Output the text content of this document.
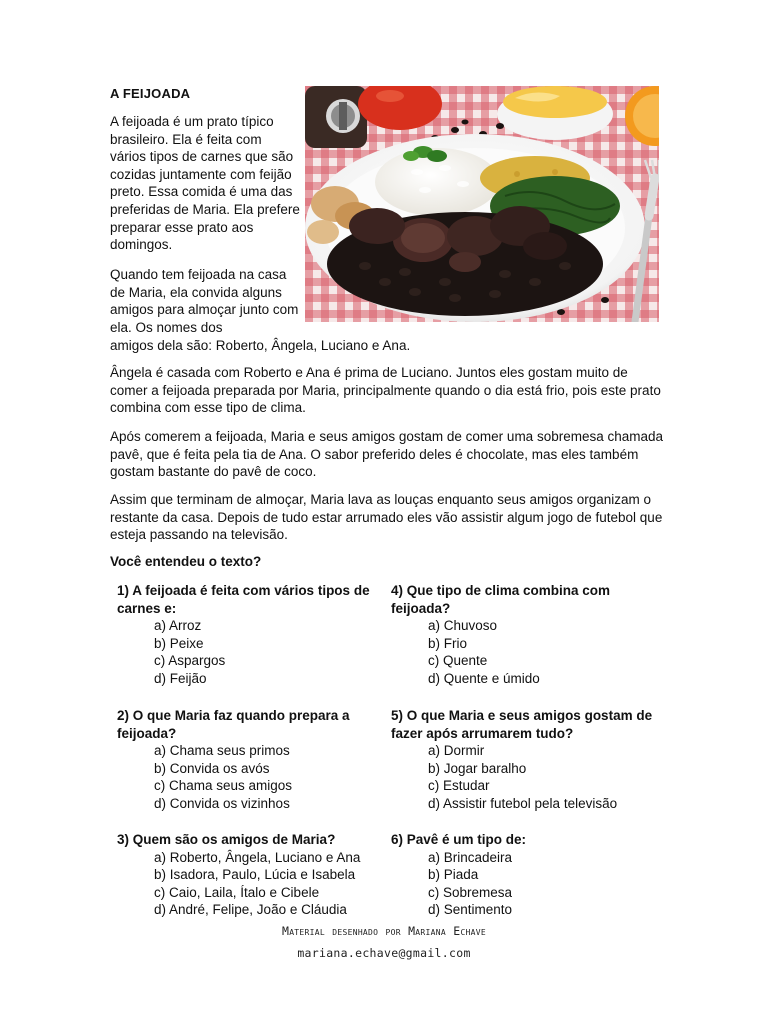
A FEIJOADA

A feijoada é um prato típico brasileiro. Ela é feita com vários tipos de carnes que são cozidas juntamente com feijão preto. Essa comida é uma das preferidas de Maria. Ela prefere preparar esse prato aos domingos.

Quando tem feijoada na casa de Maria, ela convida alguns amigos para almoçar junto com ela. Os nomes dos

amigos dela são: Roberto, Ângela, Luciano e Ana.

Ângela é casada com Roberto e Ana é prima de Luciano. Juntos eles gostam muito de comer a feijoada preparada por Maria, principalmente quando o dia está frio, pois este prato combina com esse tipo de clima.

Após comerem a feijoada, Maria e seus amigos gostam de comer uma sobremesa chamada pavê, que é feita pela tia de Ana. O sabor preferido deles é chocolate, mas eles também gostam bastante do pavê de coco.

Assim que terminam de almoçar, Maria lava as louças enquanto seus amigos organizam o restante da casa. Depois de tudo estar arrumado eles vão assistir algum jogo de futebol que esteja passando na televisão.

Você entendeu o texto?

1) A feijoada é feita com vários tipos de carnes e:

a) Arroz
b) Peixe
c) Aspargos
d) Feijão

2) O que Maria faz quando prepara a feijoada?

a) Chama seus primos
b) Convida os avós
c) Chama seus amigos
d) Convida os vizinhos

3) Quem são os amigos de Maria?

a) Roberto, Ângela, Luciano e Ana
b) Isadora, Paulo, Lúcia e Isabela
c) Caio, Laila, Ítalo e Cibele
d) André, Felipe, João e Cláudia

4) Que tipo de clima combina com feijoada?

a) Chuvoso
b) Frio
c) Quente
d) Quente e úmido

5) O que Maria e seus amigos gostam de fazer após arrumarem tudo?

a) Dormir
b) Jogar baralho
c) Estudar
d) Assistir futebol pela televisão

6) Pavê é um tipo de:

a) Brincadeira
b) Piada
c) Sobremesa
d) Sentimento
Material desenhado por Mariana Echave
mariana.echave@gmail.com
